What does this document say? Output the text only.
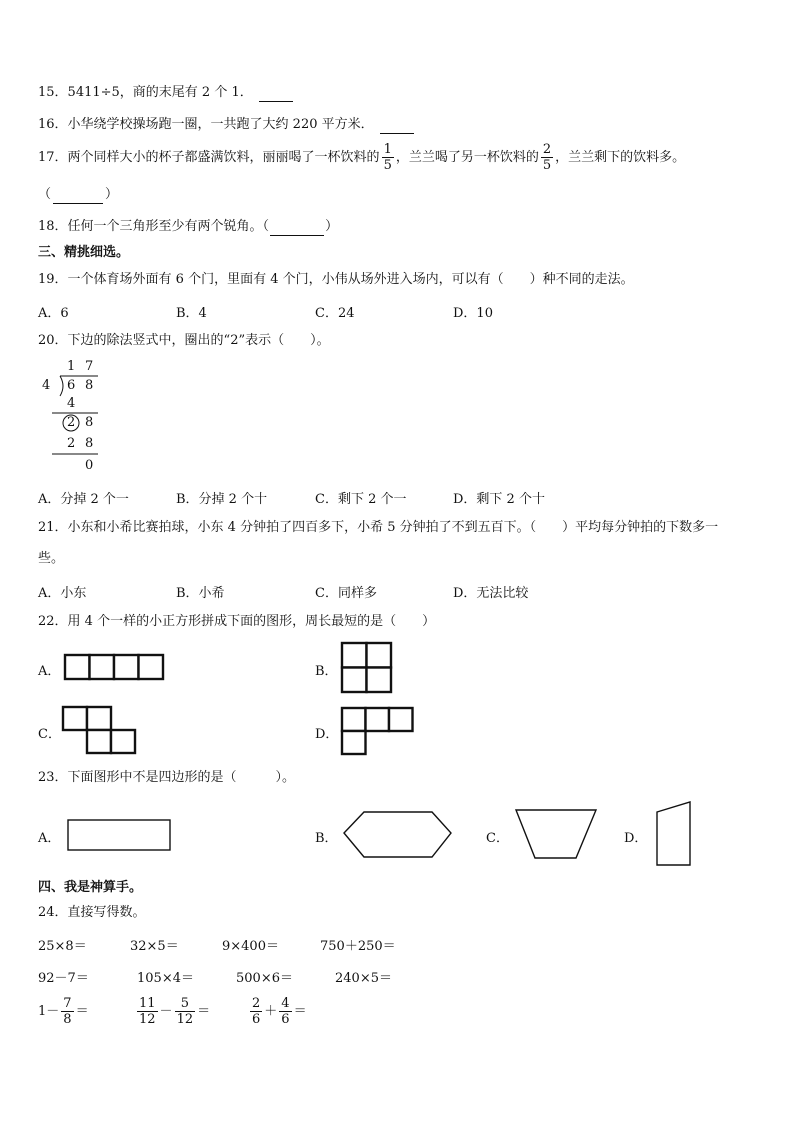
15．5411÷5，商的末尾有 2 个 1．
16．小华绕学校操场跑一圈，一共跑了大约 220 平方米．
17．两个同样大小的杯子都盛满饮料，丽丽喝了一杯饮料的 $\frac{1}{5}$ ，兰兰喝了另一杯饮料的 $\frac{2}{5}$ ，兰兰剩下的饮料多。
（	）
18．任何一个三角形至少有两个锐角。（	）
三、精挑细选。
19．一个体育场外面有 6 个门，里面有 4 个门，小伟从场外进入场内，可以有（　　）种不同的走法。
A．6	B．4	C．24	D．10
20．下边的除法竖式中，圈出的“2”表示（　　）。
1 7
4 6 8
4
2 8
2 8
0
A．分掉 2 个一	B．分掉 2 个十	C．剩下 2 个一	D．剩下 2 个十
21．小东和小希比赛拍球，小东 4 分钟拍了四百多下，小希 5 分钟拍了不到五百下。（　　）平均每分钟拍的下数多一
些。
A．小东	B．小希	C．同样多	D．无法比较
22．用 4 个一样的小正方形拼成下面的图形，周长最短的是（　　）
A．	B．
C．	D．
23．下面图形中不是四边形的是（　　　）。
A．	B．	C．	D．
四、我是神算手。
24．直接写得数。
25×8＝	32×5＝	9×400＝	750＋250＝
92－7＝	105×4＝	500×6＝	240×5＝
$1- \frac{7}{8}$ ＝	$\frac{11}{12} - \frac{5}{12}$ ＝	$\frac{2}{6} + \frac{4}{6}$ ＝
